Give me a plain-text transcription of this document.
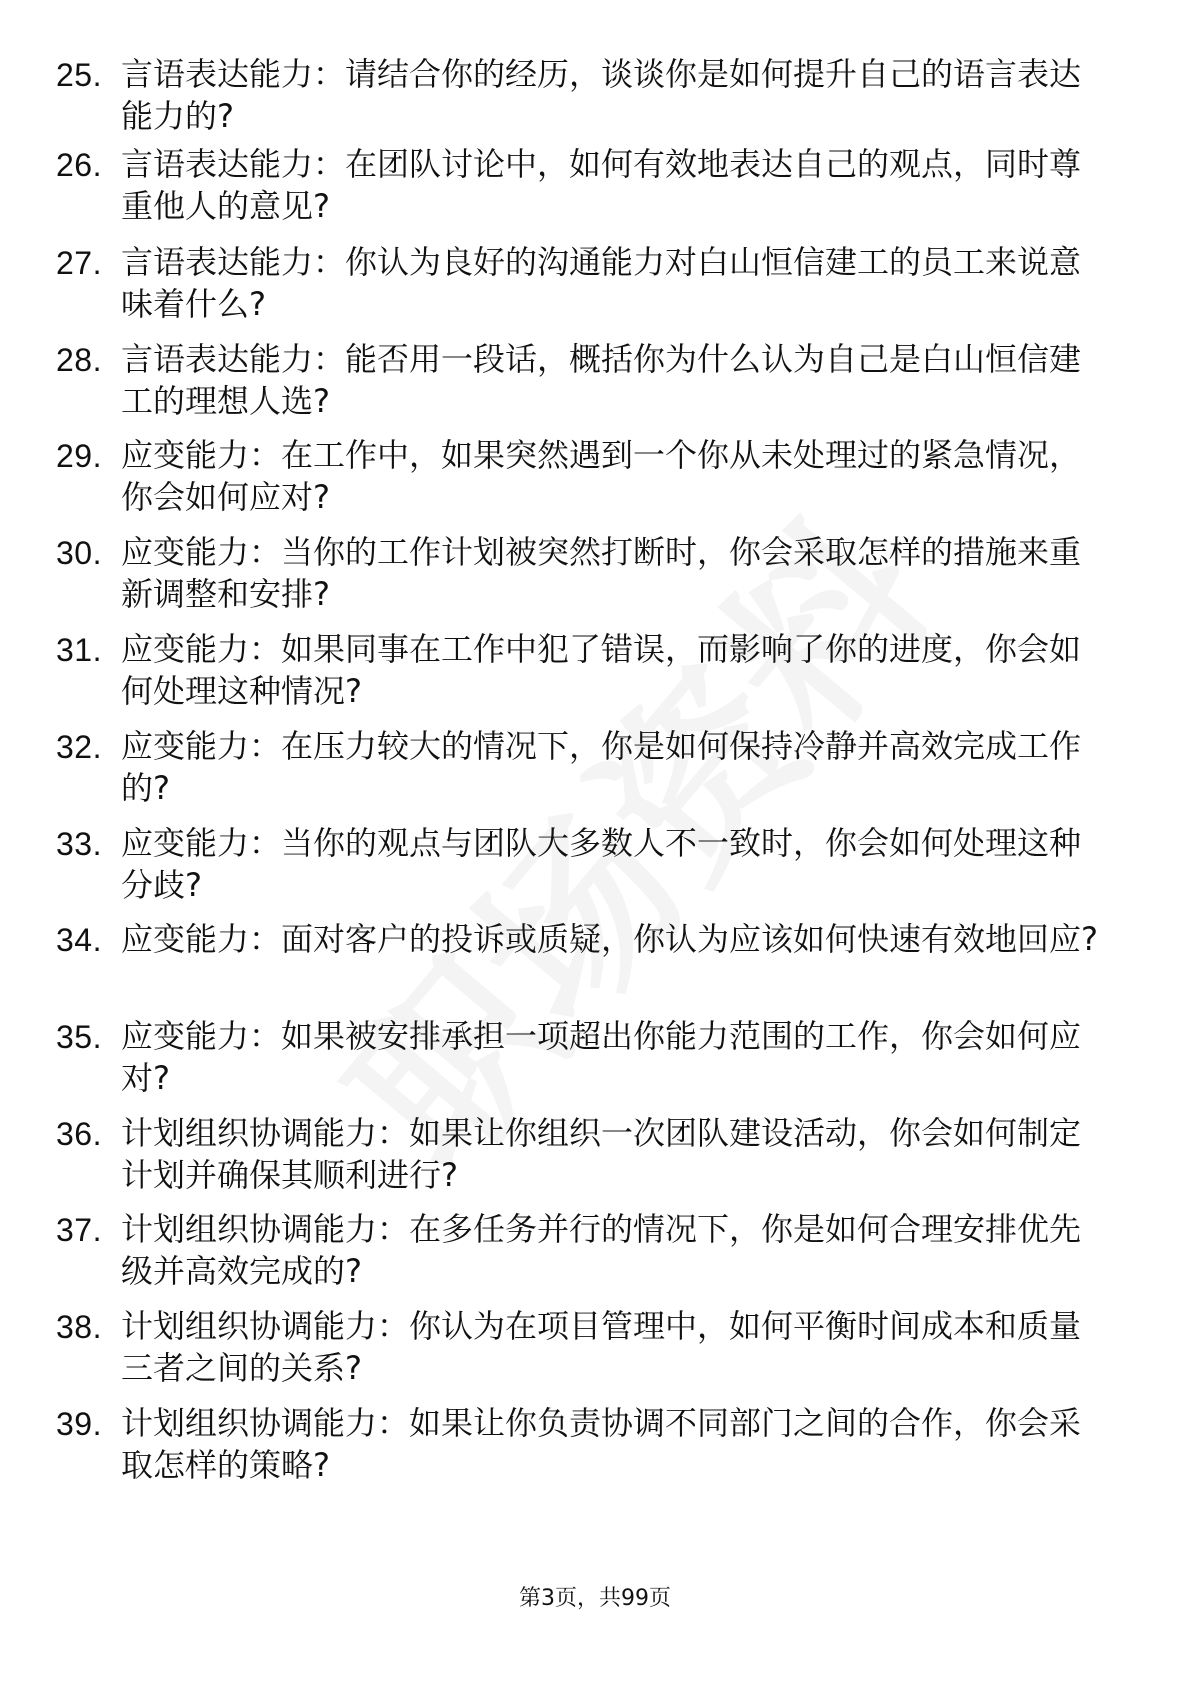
25. 言语表达能力：请结合你的经历，谈谈你是如何提升自己的语言表达能力的?
26. 言语表达能力：在团队讨论中，如何有效地表达自己的观点，同时尊重他人的意见?
27. 言语表达能力：你认为良好的沟通能力对白山恒信建工的员工来说意味着什么?
28. 言语表达能力：能否用一段话，概括你为什么认为自己是白山恒信建工的理想人选?
29. 应变能力：在工作中，如果突然遇到一个你从未处理过的紧急情况，你会如何应对?
30. 应变能力：当你的工作计划被突然打断时，你会采取怎样的措施来重新调整和安排?
31. 应变能力：如果同事在工作中犯了错误，而影响了你的进度，你会如何处理这种情况?
32. 应变能力：在压力较大的情况下，你是如何保持冷静并高效完成工作的?
33. 应变能力：当你的观点与团队大多数人不一致时，你会如何处理这种分歧?
34. 应变能力：面对客户的投诉或质疑，你认为应该如何快速有效地回应?
35. 应变能力：如果被安排承担一项超出你能力范围的工作，你会如何应对?
36. 计划组织协调能力：如果让你组织一次团队建设活动，你会如何制定计划并确保其顺利进行?
37. 计划组织协调能力：在多任务并行的情况下，你是如何合理安排优先级并高效完成的?
38. 计划组织协调能力：你认为在项目管理中，如何平衡时间成本和质量三者之间的关系?
39. 计划组织协调能力：如果让你负责协调不同部门之间的合作，你会采取怎样的策略?
第3页，共99页
